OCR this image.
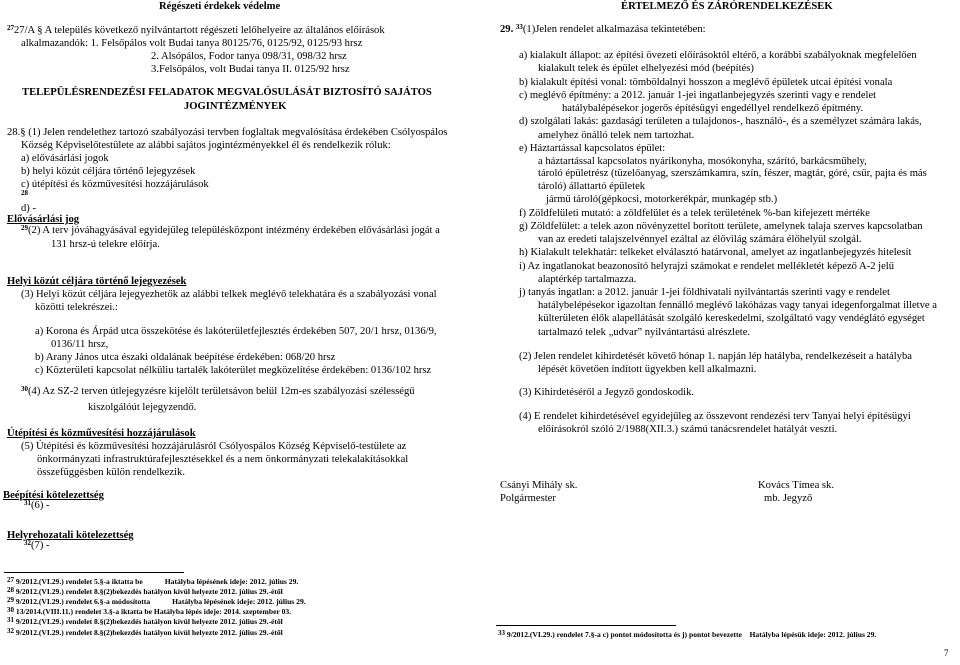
Régészeti érdekek védelme
$^{27}$27/A § A település következő nyilvántartott régészeti lelőhelyeire az általános előírások
alkalmazandók: 1. Felsőpálos volt Budai tanya 80125/76, 0125/92, 0125/93 hrsz
2. Alsópálos, Fodor tanya 098/31, 098/32 hrsz
3.Felsőpálos, volt Budai tanya II. 0125/92 hrsz
TELEPÜLÉSRENDEZÉSI FELADATOK MEGVALÓSULÁSÁT BIZTOSÍTÓ SAJÁTOS
JOGINTÉZMÉNYEK
28.§ (1) Jelen rendelethez tartozó szabályozási tervben foglaltak megvalósítása érdekében Csólyospálos
Község Képviselőtestülete az alábbi sajátos jogintézményekkel él és rendelkezik róluk:
a) elővásárlási jogok
b) helyi közút céljára történő lejegyzések
c) útépítési és közművesítési hozzájárulások
$^{28}$
d) -
Elővásárlási jog
$^{29}$(2) A terv jóváhagyásával egyidejűleg településközpont intézmény érdekében elővásárlási jogát a
131 hrsz-ú telekre előírja.
Helyi közút céljára történő lejegyezések
(3) Helyi közút céljára lejegyezhetők az alábbi telkek meglévő telekhatára és a szabályozási vonal
közötti telekrészei.:
a) Korona és Árpád utca összekötése és lakóterületfejlesztés érdekében 507, 20/1 hrsz, 0136/9,
0136/11 hrsz,
b) Arany János utca északi oldalának beépítése érdekében: 068/20 hrsz
c) Közterületi kapcsolat nélküliu tartalék lakóterület megközelítése érdekében: 0136/102 hrsz
$^{30}$(4) Az SZ-2 terven útlejegyzésre kijelölt területsávon belül 12m-es szabályozási szélességű
kiszolgálóút lejegyzendő.
Útépítési és közművesítési hozzájárulások
(5) Útépítési és közművesítési hozzájárulásról Csólyospálos Község Képviselő-testülete az
önkormányzati infrastruktúrafejlesztésekkel és a nem önkormányzati telekalakításokkal
összefüggésben külön rendelkezik.
Beépítési kötelezettség
$^{31}$(6) -
Helyrehozatali kötelezettség
$^{32}$(7) -
27 9/2012.(VI.29.) rendelet 5.§-a iktatta be	Hatályba lépésének ideje: 2012. július 29.
28 9/2012.(VI.29.) rendelet 8.§(2)bekezdés hatályon kívül helyezte 2012. július 29.-étől
29 9/2012.(VI.29.) rendelet 6.§-a módosította	Hatályba lépésének ideje: 2012. július 29.
30 13/2014.(VIII.11.) rendelet 3.§-a iktatta be Hatályba lépés ideje: 2014. szeptember 03.
31 9/2012.(VI.29.) rendelet 8.§(2)bekezdés hatályon kívül helyezte 2012. július 29.-étől
32 9/2012.(VI.29.) rendelet 8.§(2)bekezdés hatályon kívül helyezte 2012. július 29.-étől
ÉRTELMEZŐ ÉS ZÁRÓRENDELKEZÉSEK
29. $^{33}$(1)Jelen rendelet alkalmazása tekintetében:
a) kialakult állapot: az építési övezeti előírásoktól eltérő, a korábbi szabályoknak megfelelően
kialakult telek és épület elhelyezési mód (beépítés)
b) kialakult építési vonal: tömböldalnyi hosszon a meglévő épületek utcai építési vonala
c) meglévő építmény: a 2012. január 1-jei ingatlanbejegyzés szerinti vagy e rendelet
hatálybalépésekor jogerős építésügyi engedéllyel rendelkező építmény.
d) szolgálati lakás: gazdasági területen a tulajdonos-, használó-, és a személyzet számára lakás,
amelyhez önálló telek nem tartozhat.
e) Háztartással kapcsolatos épület:
a háztartással kapcsolatos nyárikonyha, mosókonyha, szárító, barkácsműhely,
tároló épületrész (tüzelőanyag, szerszámkamra, szín, fészer, magtár, góré, csűr, pajta és más
tároló) állattartó épületek
jármű tároló(gépkocsi, motorkerékpár, munkagép stb.)
f) Zöldfelületi mutató: a zöldfelület és a telek területének %-ban kifejezett mértéke
g) Zöldfelület: a telek azon növényzettel borított területe, amelynek talaja szerves kapcsolatban
van az eredeti talajszelvénnyel ezáltal az élővilág számára élőhelyül szolgál.
h) Kialakult telekhatár: telkeket elválasztó határvonal, amelyet az ingatlanbejegyzés hitelesít
i) Az ingatlanokat beazonosító helyrajzi számokat e rendelet mellékletét képező A-2 jelű
alaptérkép tartalmazza.
j) tanyás ingatlan: a 2012. január 1-jei földhivatali nyilvántartás szerinti vagy e rendelet
hatálybelépésekor igazoltan fennálló meglévő lakóházas vagy tanyai idegenforgalmat illetve a
külterületen élők alapellátását szolgáló kereskedelmi, szolgáltató vagy vendéglátó egységet
tartalmazó telek „udvar” nyilvántartású alrészlete.
(2) Jelen rendelet kihirdetését követő hónap 1. napján lép hatályba, rendelkezéseit a hatályba
lépését követően indított ügyekben kell alkalmazni.
(3) Kihirdetéséről a Jegyző gondoskodik.
(4) E rendelet kihirdetésével egyidejűleg az összevont rendezési terv Tanyai helyi építésügyi
előírásokról szóló 2/1988(XII.3.) számú tanácsrendelet hatályát veszti.
Csányi Mihály sk.
Polgármester
Kovács Tímea sk.
mb. Jegyző
33 9/2012.(VI.29.) rendelet 7.§-a c) pontot módosította és j) pontot bevezette Hatályba lépésük ideje: 2012. július 29.
7
